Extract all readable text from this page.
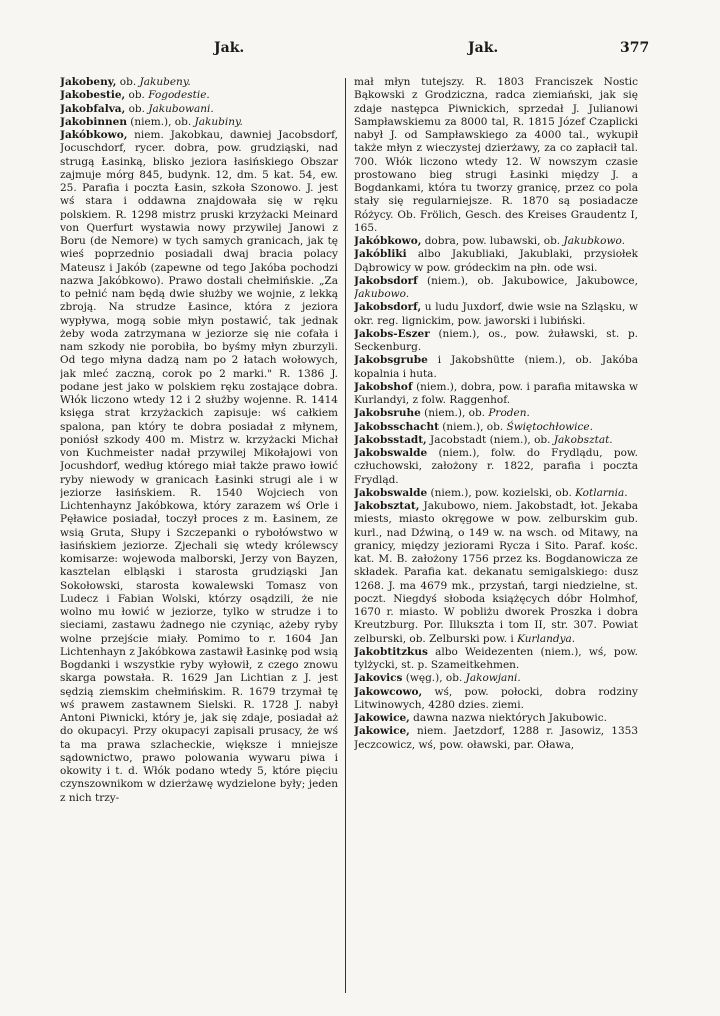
Jak.	Jak.	377

Jakobeny, ob. Jakubeny.

Jakobestie, ob. Fogodestie.

Jakobfalva, ob. Jakubowani.

Jakobinnen (niem.), ob. Jakubiny.

Jakóbkowo, niem. Jakobkau, dawniej Jacobsdorf, Jocuschdorf, rycer. dobra, pow. grudziąski, nad strugą Łasinką, blisko jeziora łasińskiego Obszar zajmuje mórg 845, budynk. 12, dm. 5 kat. 54, ew. 25. Parafia i poczta Łasin, szkoła Szonowo. J. jest wś stara i oddawna znajdowała się w ręku polskiem. R. 1298 mistrz pruski krzyżacki Meinard von Querfurt wystawia nowy przywilej Janowi z Boru (de Nemore) w tych samych granicach, jak tę wieś poprzednio posiadali dwaj bracia polacy Mateusz i Jakób (zapewne od tego Jakóba pochodzi nazwa Jakóbkowo). Prawo dostali chełmińskie. „Za to pełnić nam będą dwie służby we wojnie, z lekką zbroją. Na strudze Łasince, która z jeziora wypływa, mogą sobie młyn postawić, tak jednak żeby woda zatrzymana w jeziorze się nie cofała i nam szkody nie porobiła, bo byśmy młyn zburzyli. Od tego młyna dadzą nam po 2 łatach wołowych, jak mleć zaczną, corok po 2 marki." R. 1386 J. podane jest jako w polskiem ręku zostające dobra. Włók liczono wtedy 12 i 2 służby wojenne. R. 1414 księga strat krzyżackich zapisuje: wś całkiem spalona, pan który te dobra posiadał z młynem, poniósł szkody 400 m. Mistrz w. krzyżacki Michał von Kuchmeister nadał przywilej Mikołajowi von Jocushdorf, według którego miał także prawo łowić ryby niewody w granicach Łasinki strugi ale i w jeziorze łasińskiem. R. 1540 Wojciech von Lichtenhaynz Jakóbkowa, który zarazem wś Orle i Pęławice posiadał, toczył proces z m. Łasinem, ze wsią Gruta, Słupy i Szczepanki o rybołówstwo w łasińskiem jeziorze. Zjechali się wtedy królewscy komisarze: wojewoda malborski, Jerzy von Bayzen, kasztelan elbląski i starosta grudziąski Jan Sokołowski, starosta kowalewski Tomasz von Ludecz i Fabian Wolski, którzy osądzili, że nie wolno mu łowić w jeziorze, tylko w strudze i to sieciami, zastawu żadnego nie czyniąc, ażeby ryby wolne przejście miały. Pomimo to r. 1604 Jan Lichtenhayn z Jakóbkowa zastawił Łasinkę pod wsią Bogdanki i wszystkie ryby wyłowił, z czego znowu skarga powstała. R. 1629 Jan Lichtian z J. jest sędzią ziemskim chełmińskim. R. 1679 trzymał tę wś prawem zastawnem Sielski. R. 1728 J. nabył Antoni Piwnicki, który je, jak się zdaje, posiadał aż do okupacyi. Przy okupacyi zapisali prusacy, że wś ta ma prawa szlacheckie, większe i mniejsze sądownictwo, prawo polowania wywaru piwa i okowity i t. d. Włók podano wtedy 5, które pięciu czynszownikom w dzierżawę wydzielone były; jeden z nich trzy-

mał młyn tutejszy. R. 1803 Franciszek Nostic Bąkowski z Grodziczna, radca ziemiański, jak się zdaje następca Piwnickich, sprzedał J. Julianowi Sampławskiemu za 8000 tal, R. 1815 Józef Czaplicki nabył J. od Sampławskiego za 4000 tal., wykupił także młyn z wieczystej dzierżawy, za co zapłacił tal. 700. Włók liczono wtedy 12. W nowszym czasie prostowano bieg strugi Łasinki między J. a Bogdankami, która tu tworzy granicę, przez co pola stały się regularniejsze. R. 1870 są posiadacze Różycy. Ob. Frölich, Gesch. des Kreises Graudentz I, 165.

Jakóbkowo, dobra, pow. lubawski, ob. Jakubkowo.

Jakóbliki albo Jakubliaki, Jakublaki, przysiołek Dąbrowicy w pow. gródeckim na płn. ode wsi.

Jakobsdorf (niem.), ob. Jakubowice, Jakubowce, Jakubowo.

Jakobsdorf, u ludu Juxdorf, dwie wsie na Szląsku, w okr. reg. lignickim, pow. jaworski i lubiński.

Jakobs-Eszer (niem.), os., pow. żuławski, st. p. Seckenburg.

Jakobsgrube i Jakobshütte (niem.), ob. Jakóba kopalnia i huta.

Jakobshof (niem.), dobra, pow. i parafia mitawska w Kurlandyi, z folw. Raggenhof.

Jakobsruhe (niem.), ob. Proden.

Jakobsschacht (niem.), ob. Świętochłowice.

Jakobsstadt, Jacobstadt (niem.), ob. Jakobsztat.

Jakobswalde (niem.), folw. do Frydlądu, pow. człuchowski, założony r. 1822, parafia i poczta Frydląd.

Jakobswalde (niem.), pow. kozielski, ob. Kotlarnia.

Jakobsztat, Jakubowo, niem. Jakobstadt, łot. Jekaba miests, miasto okręgowe w pow. zelburskim gub. kurl., nad Dźwiną, o 149 w. na wsch. od Mitawy, na granicy, między jeziorami Rycza i Sito. Paraf. kośc. kat. M. B. założony 1756 przez ks. Bogdanowicza ze składek. Parafia kat. dekanatu semigalskiego: dusz 1268. J. ma 4679 mk., przystań, targi niedzielne, st. poczt. Niegdyś słoboda książęcych dóbr Holmhof, 1670 r. miasto. W pobliżu dworek Proszka i dobra Kreutzburg. Por. Illukszta i tom II, str. 307. Powiat zelburski, ob. Zelburski pow. i Kurlandya.

Jakobtitzkus albo Weidezenten (niem.), wś, pow. tylżycki, st. p. Szameitkehmen.

Jakovics (węg.), ob. Jakowjani.

Jakowcowo, wś, pow. połocki, dobra rodziny Litwinowych, 4280 dzies. ziemi.

Jakowice, dawna nazwa niektórych Jakubowic.

Jakowice, niem. Jaetzdorf, 1288 r. Jasowiz, 1353 Jeczcowicz, wś, pow. oławski, par. Oława,
